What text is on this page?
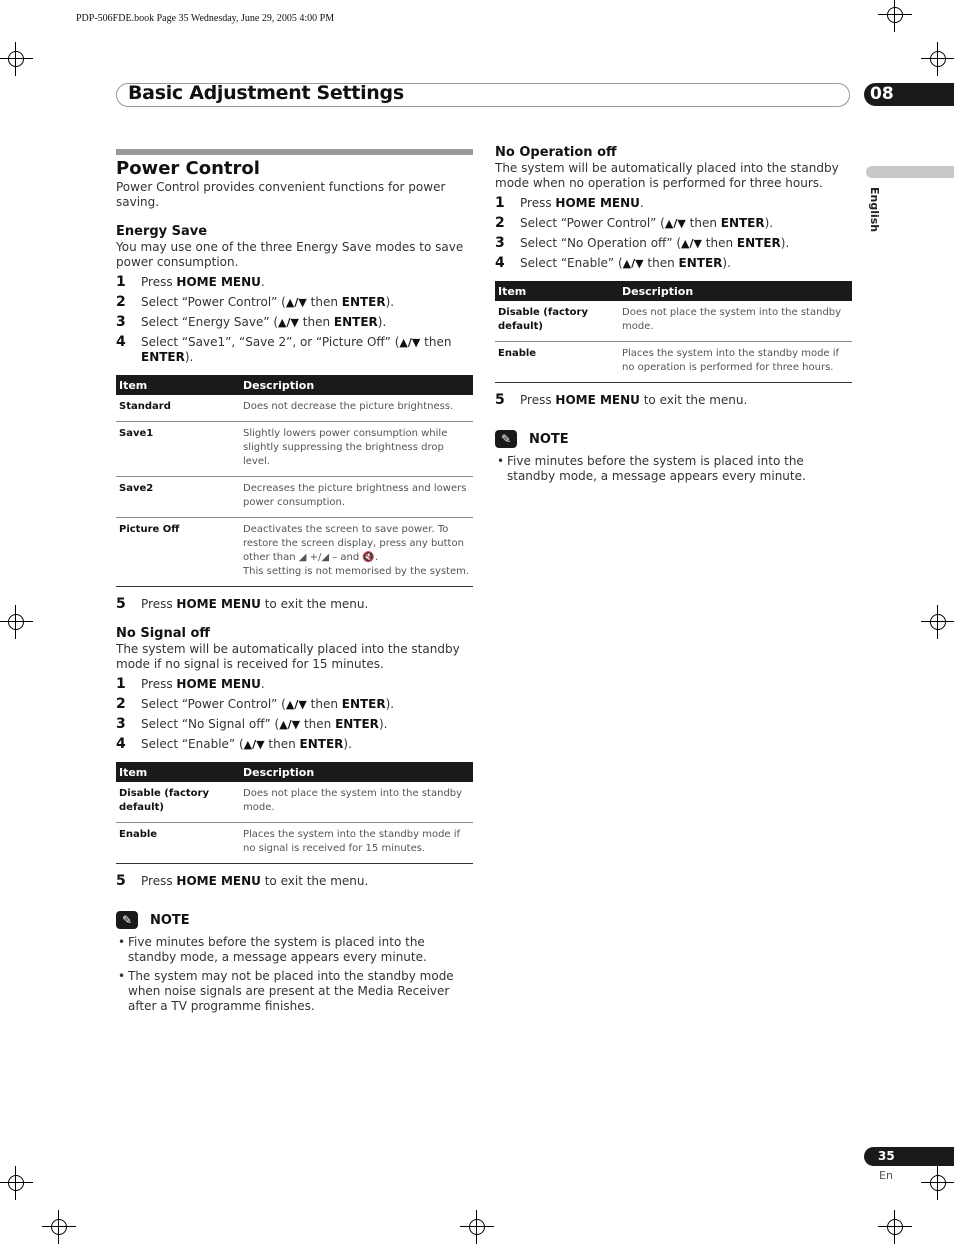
PDP-506FDE.book Page 35 Wednesday, June 29, 2005 4:00 PM
Basic Adjustment Settings	08
English
Power Control

Power Control provides convenient functions for power saving.

Energy Save

You may use one of the three Energy Save modes to save power consumption.

1	Press HOME MENU.
2	Select “Power Control” (▲/▼ then ENTER).
3	Select “Energy Save” (▲/▼ then ENTER).
4	Select “Save1”, “Save 2”, or “Picture Off” (▲/▼ then ENTER).
Item	Description
Standard	Does not decrease the picture brightness.
Save1	Slightly lowers power consumption while slightly suppressing the brightness drop level.
Save2	Decreases the picture brightness and lowers power consumption.
Picture Off	Deactivates the screen to save power. To restore the screen display, press any button other than ◢ +/◢ – and 🔇.
This setting is not memorised by the system.
5	Press HOME MENU to exit the menu.
No Signal off

The system will be automatically placed into the standby mode if no signal is received for 15 minutes.

1	Press HOME MENU.
2	Select “Power Control” (▲/▼ then ENTER).
3	Select “No Signal off” (▲/▼ then ENTER).
4	Select “Enable” (▲/▼ then ENTER).
Item	Description
Disable (factory default)	Does not place the system into the standby mode.
Enable	Places the system into the standby mode if no signal is received for 15 minutes.
5	Press HOME MENU to exit the menu.
✎	NOTE
• Five minutes before the system is placed into the standby mode, a message appears every minute.
• The system may not be placed into the standby mode when noise signals are present at the Media Receiver after a TV programme finishes.
No Operation off

The system will be automatically placed into the standby mode when no operation is performed for three hours.

1	Press HOME MENU.
2	Select “Power Control” (▲/▼ then ENTER).
3	Select “No Operation off” (▲/▼ then ENTER).
4	Select “Enable” (▲/▼ then ENTER).
Item	Description
Disable (factory default)	Does not place the system into the standby mode.
Enable	Places the system into the standby mode if no operation is performed for three hours.
5	Press HOME MENU to exit the menu.
✎	NOTE
• Five minutes before the system is placed into the standby mode, a message appears every minute.
35
En
